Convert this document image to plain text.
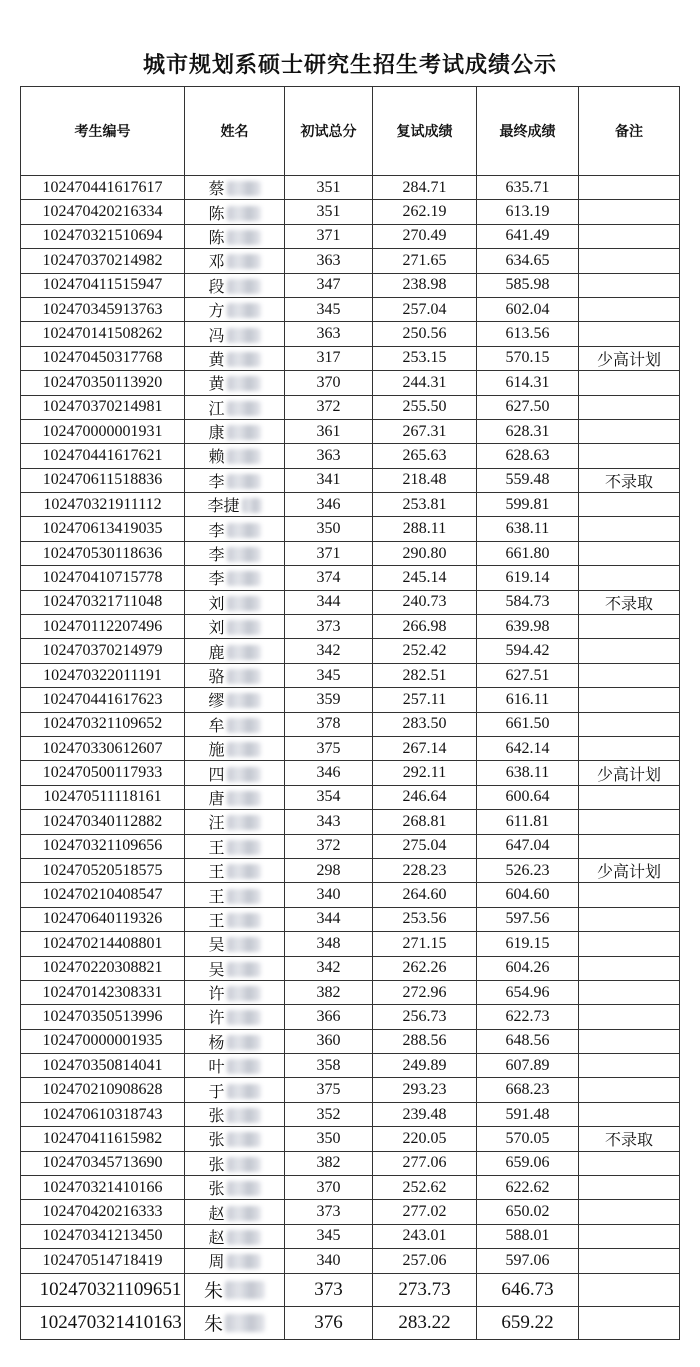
城市规划系硕士研究生招生考试成绩公示
考生编号	姓名	初试总分	复试成绩	最终成绩	备注
102470441617617	蔡	351	284.71	635.71	
102470420216334	陈	351	262.19	613.19	
102470321510694	陈	371	270.49	641.49	
102470370214982	邓	363	271.65	634.65	
102470411515947	段	347	238.98	585.98	
102470345913763	方	345	257.04	602.04	
102470141508262	冯	363	250.56	613.56	
102470450317768	黄	317	253.15	570.15	少高计划
102470350113920	黄	370	244.31	614.31	
102470370214981	江	372	255.50	627.50	
102470000001931	康	361	267.31	628.31	
102470441617621	赖	363	265.63	628.63	
102470611518836	李	341	218.48	559.48	不录取
102470321911112	李捷	346	253.81	599.81	
102470613419035	李	350	288.11	638.11	
102470530118636	李	371	290.80	661.80	
102470410715778	李	374	245.14	619.14	
102470321711048	刘	344	240.73	584.73	不录取
102470112207496	刘	373	266.98	639.98	
102470370214979	鹿	342	252.42	594.42	
102470322011191	骆	345	282.51	627.51	
102470441617623	缪	359	257.11	616.11	
102470321109652	牟	378	283.50	661.50	
102470330612607	施	375	267.14	642.14	
102470500117933	四	346	292.11	638.11	少高计划
102470511118161	唐	354	246.64	600.64	
102470340112882	汪	343	268.81	611.81	
102470321109656	王	372	275.04	647.04	
102470520518575	王	298	228.23	526.23	少高计划
102470210408547	王	340	264.60	604.60	
102470640119326	王	344	253.56	597.56	
102470214408801	吴	348	271.15	619.15	
102470220308821	吴	342	262.26	604.26	
102470142308331	许	382	272.96	654.96	
102470350513996	许	366	256.73	622.73	
102470000001935	杨	360	288.56	648.56	
102470350814041	叶	358	249.89	607.89	
102470210908628	于	375	293.23	668.23	
102470610318743	张	352	239.48	591.48	
102470411615982	张	350	220.05	570.05	不录取
102470345713690	张	382	277.06	659.06	
102470321410166	张	370	252.62	622.62	
102470420216333	赵	373	277.02	650.02	
102470341213450	赵	345	243.01	588.01	
102470514718419	周	340	257.06	597.06	
102470321109651	朱	373	273.73	646.73	
102470321410163	朱	376	283.22	659.22	
